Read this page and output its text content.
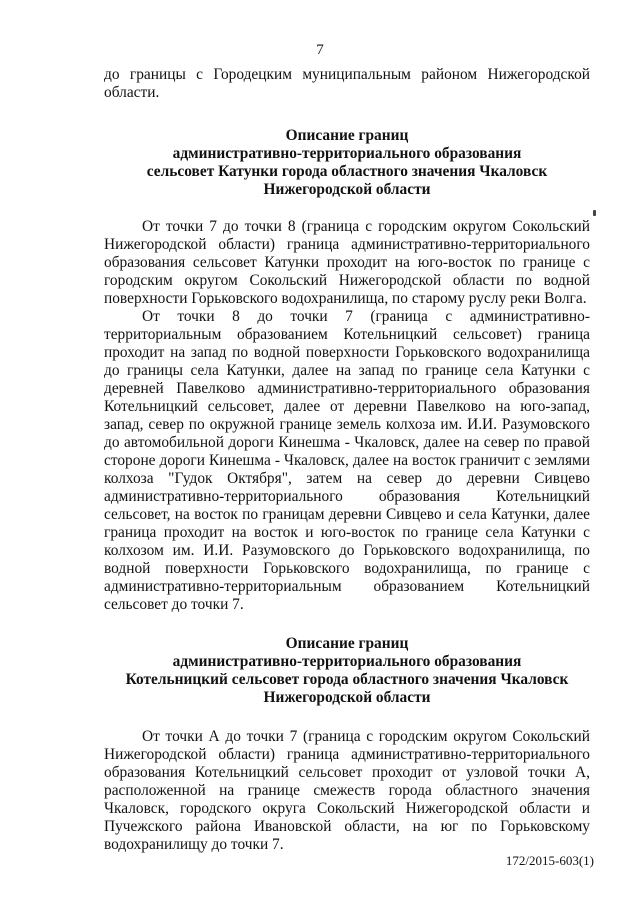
7

до границы с Городецким муниципальным районом Нижегородской области.

Описание границ
административно-территориального образования
сельсовет Катунки города областного значения Чкаловск
Нижегородской области

От точки 7 до точки 8 (граница с городским округом Сокольский Нижегородской области) граница административно-территориального образования сельсовет Катунки проходит на юго-восток по границе с городским округом Сокольский Нижегородской области по водной поверхности Горьковского водохранилища, по старому руслу реки Волга.

От точки 8 до точки 7 (граница с административно-территориальным образованием Котельницкий сельсовет) граница проходит на запад по водной поверхности Горьковского водохранилища до границы села Катунки, далее на запад по границе села Катунки с деревней Павелково административно-территориального образования Котельницкий сельсовет, далее от деревни Павелково на юго-запад, запад, север по окружной границе земель колхоза им. И.И. Разумовского до автомобильной дороги Кинешма - Чкаловск, далее на север по правой стороне дороги Кинешма - Чкаловск, далее на восток граничит с землями колхоза "Гудок Октября", затем на север до деревни Сивцево административно-территориального образования Котельницкий сельсовет, на восток по границам деревни Сивцево и села Катунки, далее граница проходит на восток и юго-восток по границе села Катунки с колхозом им. И.И. Разумовского до Горьковского водохранилища, по водной поверхности Горьковского водохранилища, по границе с административно-территориальным образованием Котельницкий сельсовет до точки 7.

Описание границ
административно-территориального образования
Котельницкий сельсовет города областного значения Чкаловск
Нижегородской области

От точки А до точки 7 (граница с городским округом Сокольский Нижегородской области) граница административно-территориального образования Котельницкий сельсовет проходит от узловой точки А, расположенной на границе смежеств города областного значения Чкаловск, городского округа Сокольский Нижегородской области и Пучежского района Ивановской области, на юг по Горьковскому водохранилищу до точки 7.

172/2015-603(1)
